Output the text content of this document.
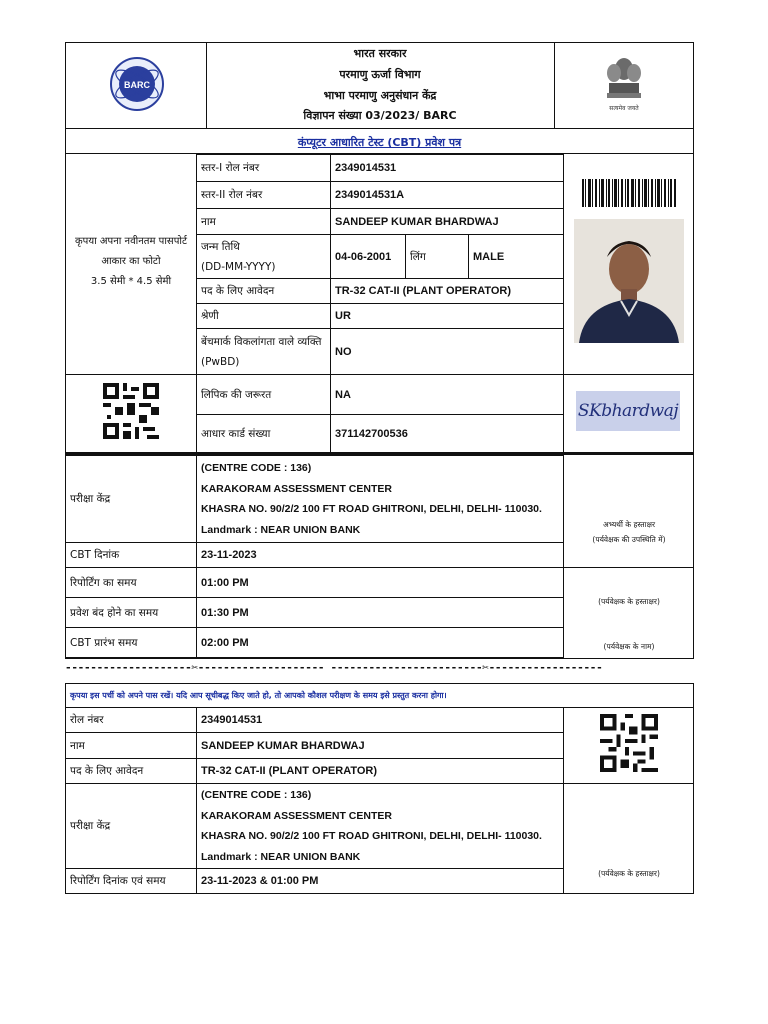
BARC
भारत सरकार
परमाणु ऊर्जा विभाग
भाभा परमाणु अनुसंधान केंद्र
विज्ञापन संख्या 03/2023/ BARC
सत्यमेव जयते
कंप्यूटर आधारित टेस्ट (CBT) प्रवेश पत्र
कृपया अपना नवीनतम पासपोर्ट
आकार का फोटो
3.5 सेमी * 4.5 सेमी
स्तर-I रोल नंबर	2349014531		
स्तर-II रोल नंबर	2349014531A		
नाम	SANDEEP KUMAR BHARDWAJ		

जन्म तिथि
(DD-MM-YYYY)	04-06-2001	लिंग	MALE
पद के लिए आवेदन	TR-32 CAT-II (PLANT OPERATOR)		
श्रेणी	UR		

बेंचमार्क विकलांगता वाले व्यक्ति
(PwBD)	NO		
लिपिक की जरूरत	NA		
आधार कार्ड संख्या	371142700536		
SKbhardwaj
परीक्षा केंद्र	(CENTRE CODE : 136)
KARAKORAM ASSESSMENT CENTER
KHASRA NO. 90/2/2 100 FT ROAD GHITRONI, DELHI, DELHI- 110030.
Landmark : NEAR UNION BANK

CBT दिनांक	23-11-2023
रिपोर्टिंग का समय	01:00 PM
प्रवेश बंद होने का समय	01:30 PM
CBT प्रारंभ समय	02:00 PM
अभ्यर्थी के हस्ताक्षर
(पर्यवेक्षक की उपस्थिति में)
(पर्यवेक्षक के हस्ताक्षर)
(पर्यवेक्षक के नाम)
--------------------✂-------------------- ------------------------✂------------------
कृपया इस पर्ची को अपने पास रखें। यदि आप सूचीबद्ध किए जाते हो, तो आपको कौशल परीक्षण के समय इसे प्रस्तुत करना होगा।
रोल नंबर	2349014531
नाम	SANDEEP KUMAR BHARDWAJ
पद के लिए आवेदन	TR-32 CAT-II (PLANT OPERATOR)
परीक्षा केंद्र	(CENTRE CODE : 136)
KARAKORAM ASSESSMENT CENTER
KHASRA NO. 90/2/2 100 FT ROAD GHITRONI, DELHI, DELHI- 110030.
Landmark : NEAR UNION BANK

रिपोर्टिंग दिनांक एवं समय	23-11-2023 & 01:00 PM
(पर्यवेक्षक के हस्ताक्षर)
